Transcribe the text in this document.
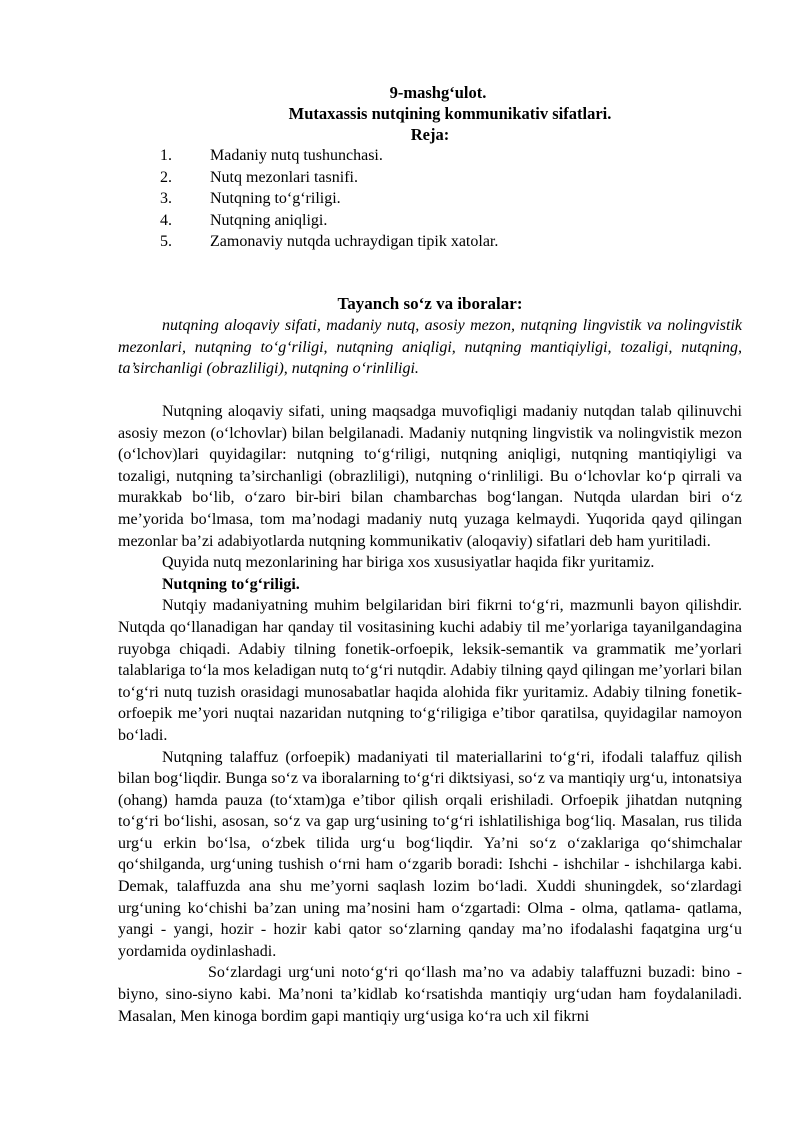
9-mashg‘ulot.
Mutaxassis nutqining kommunikativ sifatlari.
Reja:
1. Madaniy nutq tushunchasi.
2. Nutq mezonlari tasnifi.
3. Nutqning to‘g‘riligi.
4. Nutqning aniqligi.
5. Zamonaviy nutqda uchraydigan tipik xatolar.
Tayanch so‘z va iboralar:

nutqning aloqaviy sifati, madaniy nutq, asosiy mezon, nutqning lingvistik va nolingvistik mezonlari, nutqning to‘g‘riligi, nutqning aniqligi, nutqning mantiqiyligi, tozaligi, nutqning, ta’sirchanligi (obrazliligi), nutqning o‘rinliligi.

Nutqning aloqaviy sifati, uning maqsadga muvofiqligi madaniy nutqdan talab qilinuvchi asosiy mezon (o‘lchovlar) bilan belgilanadi. Madaniy nutqning lingvistik va nolingvistik mezon (o‘lchov)lari quyidagilar: nutqning to‘g‘riligi, nutqning aniqligi, nutqning mantiqiyligi va tozaligi, nutqning ta’sirchanligi (obrazliligi), nutqning o‘rinliligi. Bu o‘lchovlar ko‘p qirrali va murakkab bo‘lib, o‘zaro bir-biri bilan chambarchas bog‘langan. Nutqda ulardan biri o‘z me’yorida bo‘lmasa, tom ma’nodagi madaniy nutq yuzaga kelmaydi. Yuqorida qayd qilingan mezonlar ba’zi adabiyotlarda nutqning kommunikativ (aloqaviy) sifatlari deb ham yuritiladi.

Quyida nutq mezonlarining har biriga xos xususiyatlar haqida fikr yuritamiz.

Nutqning to‘g‘riligi.

Nutqiy madaniyatning muhim belgilaridan biri fikrni to‘g‘ri, mazmunli bayon qilishdir. Nutqda qo‘llanadigan har qanday til vositasining kuchi adabiy til me’yorlariga tayanilgandagina ruyobga chiqadi. Adabiy tilning fonetik-orfoepik, leksik-semantik va grammatik me’yorlari talablariga to‘la mos keladigan nutq to‘g‘ri nutqdir. Adabiy tilning qayd qilingan me’yorlari bilan to‘g‘ri nutq tuzish orasidagi munosabatlar haqida alohida fikr yuritamiz. Adabiy tilning fonetik-orfoepik me’yori nuqtai nazaridan nutqning to‘g‘riligiga e’tibor qaratilsa, quyidagilar namoyon bo‘ladi.

Nutqning talaffuz (orfoepik) madaniyati til materiallarini to‘g‘ri, ifodali talaffuz qilish bilan bog‘liqdir. Bunga so‘z va iboralarning to‘g‘ri diktsiyasi, so‘z va mantiqiy urg‘u, intonatsiya (ohang) hamda pauza (to‘xtam)ga e’tibor qilish orqali erishiladi. Orfoepik jihatdan nutqning to‘g‘ri bo‘lishi, asosan, so‘z va gap urg‘usining to‘g‘ri ishlatilishiga bog‘liq. Masalan, rus tilida urg‘u erkin bo‘lsa, o‘zbek tilida urg‘u bog‘liqdir. Ya’ni so‘z o‘zaklariga qo‘shimchalar qo‘shilganda, urg‘uning tushish o‘rni ham o‘zgarib boradi: Ishchi - ishchilar - ishchilarga kabi. Demak, talaffuzda ana shu me’yorni saqlash lozim bo‘ladi. Xuddi shuningdek, so‘zlardagi urg‘uning ko‘chishi ba’zan uning ma’nosini ham o‘zgartadi: Olma - olma, qatlama- qatlama, yangi - yangi, hozir - hozir kabi qator so‘zlarning qanday ma’no ifodalashi faqatgina urg‘u yordamida oydinlashadi.

So‘zlardagi urg‘uni noto‘g‘ri qo‘llash ma’no va adabiy talaffuzni buzadi: bino - biyno, sino-siyno kabi. Ma’noni ta’kidlab ko‘rsatishda mantiqiy urg‘udan ham foydalaniladi. Masalan, Men kinoga bordim gapi mantiqiy urg‘usiga ko‘ra uch xil fikrni
